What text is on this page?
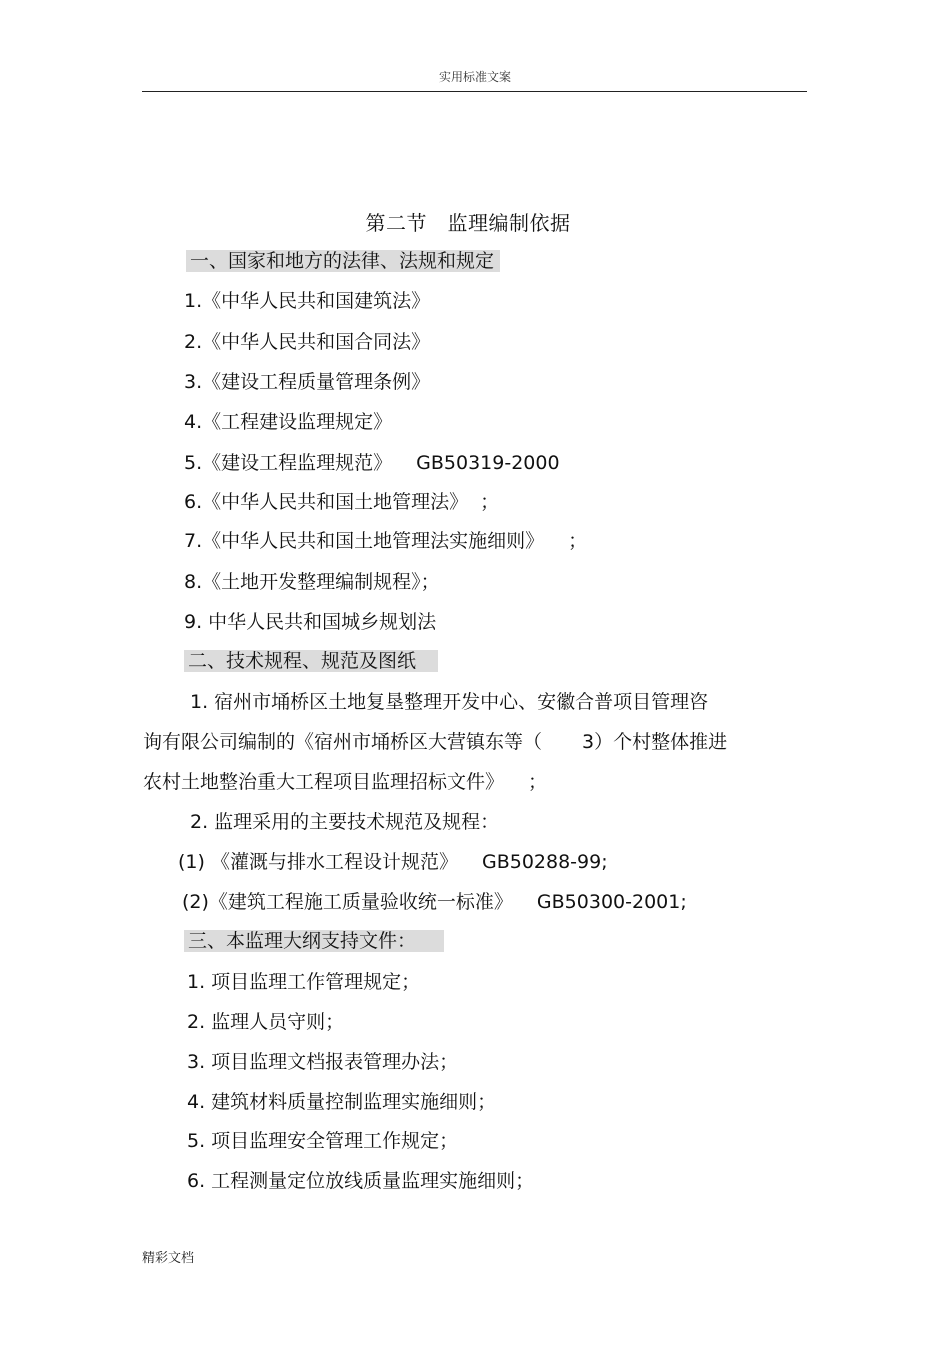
实用标准文案
第二节　监理编制依据
一、国家和地方的法律、法规和规定
1.《中华人民共和国建筑法》
2.《中华人民共和国合同法》
3.《建设工程质量管理条例》
4.《工程建设监理规定》
5.《建设工程监理规范》 GB50319-2000
6.《中华人民共和国土地管理法》 ；
7.《中华人民共和国土地管理法实施细则》 ；
8.《土地开发整理编制规程》；
9. 中华人民共和国城乡规划法
二、技术规程、规范及图纸
1. 宿州市埇桥区土地复垦整理开发中心、安徽合普项目管理咨
询有限公司编制的《宿州市埇桥区大营镇东等（ 3）个村整体推进
农村土地整治重大工程项目监理招标文件》 ；
2. 监理采用的主要技术规范及规程：
(1) 《灌溉与排水工程设计规范》 GB50288-99;
(2)《建筑工程施工质量验收统一标准》 GB50300-2001;
三、本监理大纲支持文件：
1. 项目监理工作管理规定；
2. 监理人员守则；
3. 项目监理文档报表管理办法；
4. 建筑材料质量控制监理实施细则；
5. 项目监理安全管理工作规定；
6. 工程测量定位放线质量监理实施细则；
精彩文档
